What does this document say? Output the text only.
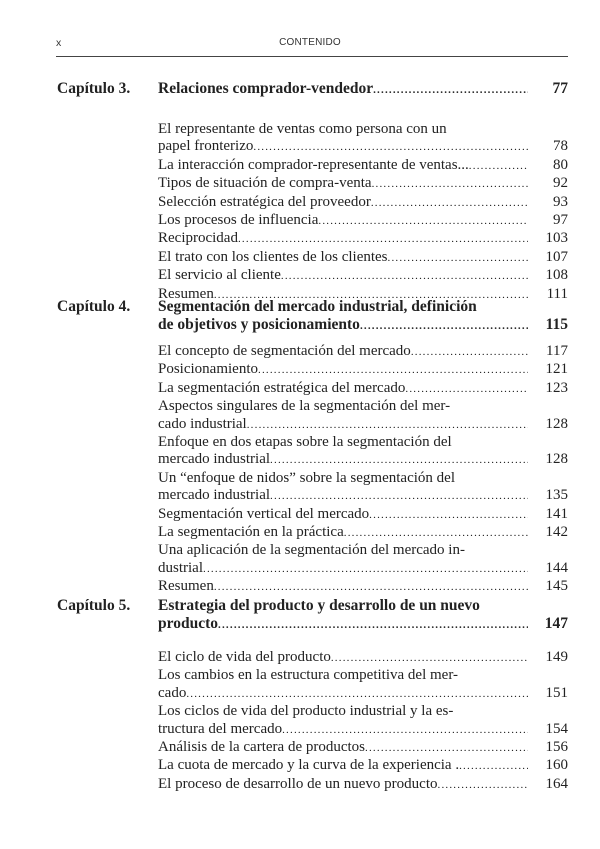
x	CONTENIDO
Capítulo 3. Relaciones comprador-vendedor .....	77
El representante de ventas como persona con un
papel fronterizo .....	78
La interacción comprador-representante de ventas... .....	80
Tipos de situación de compra-venta .....	92
Selección estratégica del proveedor .....	93
Los procesos de influencia .....	97
Reciprocidad .....	103
El trato con los clientes de los clientes .....	107
El servicio al cliente .....	108
Resumen .....	111
Capítulo 4. Segmentación del mercado industrial, definición
de objetivos y posicionamiento .....	115
El concepto de segmentación del mercado .....	117
Posicionamiento .....	121
La segmentación estratégica del mercado .....	123
Aspectos singulares de la segmentación del mer-
cado industrial .....	128
Enfoque en dos etapas sobre la segmentación del
mercado industrial .....	128
Un “enfoque de nidos” sobre la segmentación del
mercado industrial .....	135
Segmentación vertical del mercado .....	141
La segmentación en la práctica .....	142
Una aplicación de la segmentación del mercado in-
dustrial .....	144
Resumen .....	145
Capítulo 5. Estrategia del producto y desarrollo de un nuevo
producto .....	147
El ciclo de vida del producto .....	149
Los cambios en la estructura competitiva del mer-
cado .....	151
Los ciclos de vida del producto industrial y la es-
tructura del mercado .....	154
Análisis de la cartera de productos .....	156
La cuota de mercado y la curva de la experiencia . .....	160
El proceso de desarrollo de un nuevo producto .....	164
